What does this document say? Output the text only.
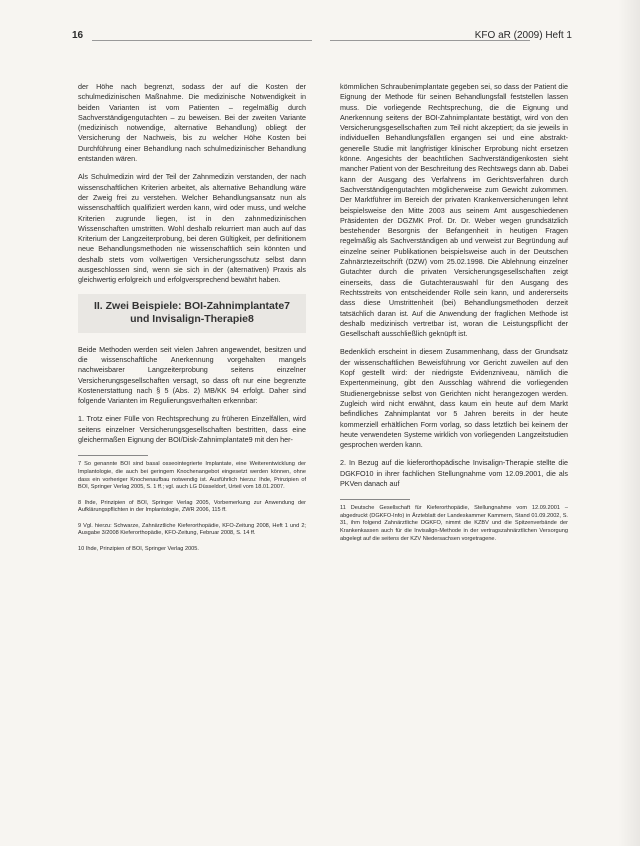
16	KFO aR (2009) Heft 1

der Höhe nach begrenzt, sodass der auf die Kosten der schulmedizinischen Maßnahme. Die medizinische Notwendigkeit in beiden Varianten ist vom Patienten – regelmäßig durch Sachverständigengutachten – zu beweisen. Bei der zweiten Variante (medizinisch notwendige, alternative Behandlung) obliegt der Versicherung der Nachweis, bis zu welcher Höhe Kosten bei Durchführung einer Behandlung nach schulmedizinischer Behandlung entstanden wären.

Als Schulmedizin wird der Teil der Zahnmedizin verstanden, der nach wissenschaftlichen Kriterien arbeitet, als alternative Behandlung wäre der Zweig frei zu verstehen. Welcher Behandlungsansatz nun als wissenschaftlich qualifiziert werden kann, wird oder muss, und welche Kriterien zugrunde liegen, ist in den zahnmedizinischen Wissenschaften umstritten. Wohl deshalb rekurriert man auch auf das Kriterium der Langzeiterprobung, bei deren Gültigkeit, per definitionem neue Behandlungsmethoden nie wissenschaftlich sein könnten und deshalb stets vom vollwertigen Versicherungsschutz selbst dann ausgeschlossen sind, wenn sie sich in der (alternativen) Praxis als gleichwertig erfolgreich und erfolgversprechend bewährt haben.

II. Zwei Beispiele: BOI-Zahnimplantate7 und Invisalign-Therapie8

Beide Methoden werden seit vielen Jahren angewendet, besitzen und die wissenschaftliche Anerkennung vorgehalten mangels nachweisbarer Langzeiterprobung seitens einzelner Versicherungsgesellschaften versagt, so dass oft nur eine begrenzte Kostenerstattung nach § 5 (Abs. 2) MB/KK 94 erfolgt. Daher sind folgende Varianten im Regulierungsverhalten erkennbar:

1. Trotz einer Fülle von Rechtsprechung zu früheren Einzelfällen, wird seitens einzelner Versicherungsgesellschaften bestritten, dass eine gleichermaßen Eignung der BOI/Disk-Zahnimplantate9 mit den her-

7 So genannte BOI sind basal osseointegrierte Implantate, eine Weiterentwicklung der Implantologie, die auch bei geringem Knochenangebot eingesetzt werden können, ohne dass ein vorheriger Knochenaufbau notwendig ist. Ausführlich hierzu: Ihde, Prinzipien of BOI, Springer Verlag 2005, S. 1 ff.; vgl. auch LG Düsseldorf, Urteil vom 18.01.2007.

8 Ihde, Prinzipien of BOI, Springer Verlag 2005, Vorbemerkung zur Anwendung der Aufklärungspflichten in der Implantologie, ZWR 2006, 115 ff.

9 Vgl. hierzu: Schwarze, Zahnärztliche Kieferorthopädie, KFO-Zeitung 2008, Heft 1 und 2; Ausgabe 3/2008 Kieferorthopädie, KFO-Zeitung, Februar 2008, S. 14 ff.

10 Ihde, Prinzipien of BOI, Springer Verlag 2005.

kömmlichen Schraubenimplantate gegeben sei, so dass der Patient die Eignung der Methode für seinen Behandlungsfall feststellen lassen muss. Die vorliegende Rechtsprechung, die die Eignung und Anerkennung seitens der BOI-Zahnimplantate bestätigt, wird von den Versicherungsgesellschaften zum Teil nicht akzeptiert; da sie jeweils in individuellen Behandlungsfällen ergangen sei und eine abstrakt-generelle Studie mit langfristiger klinischer Erprobung nicht ersetzen könne. Angesichts der beachtlichen Sachverständigenkosten sieht mancher Patient von der Beschreitung des Rechtswegs dann ab. Dabei kann der Ausgang des Verfahrens im Gerichtsverfahren durch Sachverständigengutachten möglicherweise zum Gewicht zukommen. Der Marktführer im Bereich der privaten Krankenversicherungen lehnt beispielsweise den Mitte 2003 aus seinem Amt ausgeschiedenen Präsidenten der DGZMK Prof. Dr. Dr. Weber wegen grundsätzlich bestehender Besorgnis der Befangenheit in heutigen Fragen regelmäßig als Sachverständigen ab und verweist zur Begründung auf einzelne seiner Publikationen beispielsweise auch in der Deutschen Zahnärztezeitschrift (DZW) vom 25.02.1998. Die Ablehnung einzelner Gutachter durch die privaten Versicherungsgesellschaften zeigt einerseits, dass die Gutachterauswahl für den Ausgang des Rechtsstreits von entscheidender Rolle sein kann, und andererseits dass diese Umstrittenheit (bei) Behandlungsmethoden derzeit tatsächlich daran ist. Auf die Anwendung der fraglichen Methode ist deshalb medizinisch vertretbar ist, woran die Leistungspflicht der Gesellschaft ausschließlich geknüpft ist.

Bedenklich erscheint in diesem Zusammenhang, dass der Grundsatz der wissenschaftlichen Beweisführung vor Gericht zuweilen auf den Kopf gestellt wird: der niedrigste Evidenzniveau, nämlich die Expertenmeinung, gibt den Ausschlag während die vorliegenden Studienergebnisse selbst von Gerichten nicht herangezogen werden. Zugleich wird nicht erwähnt, dass kaum ein heute auf dem Markt befindliches Zahnimplantat vor 5 Jahren bereits in der heute kommerziell erhältlichen Form vorlag, so dass letztlich bei keinem der heute verwendeten Systeme wirklich von vorliegenden Langzeitstudien gesprochen werden kann.

2. In Bezug auf die kieferorthopädische Invisalign-Therapie stellte die DGKFO10 in ihrer fachlichen Stellungnahme vom 12.09.2001, die als PKVen danach auf

11 Deutsche Gesellschaft für Kieferorthopädie, Stellungnahme vom 12.09.2001 – abgedruckt (DGKFO-Info) in Ärzteblatt der Landeskammer Kammern, Stand 01.09.2002, S. 31, ihm folgend Zahnärztliche DGKFO, nimmt die KZBV und die Spitzenverbände der Krankenkassen auch für die Invisalign-Methode in der vertragszahnärztlichen Versorgung abgelegt auf die seitens der KZV Niedersachsen vorgetragene.
